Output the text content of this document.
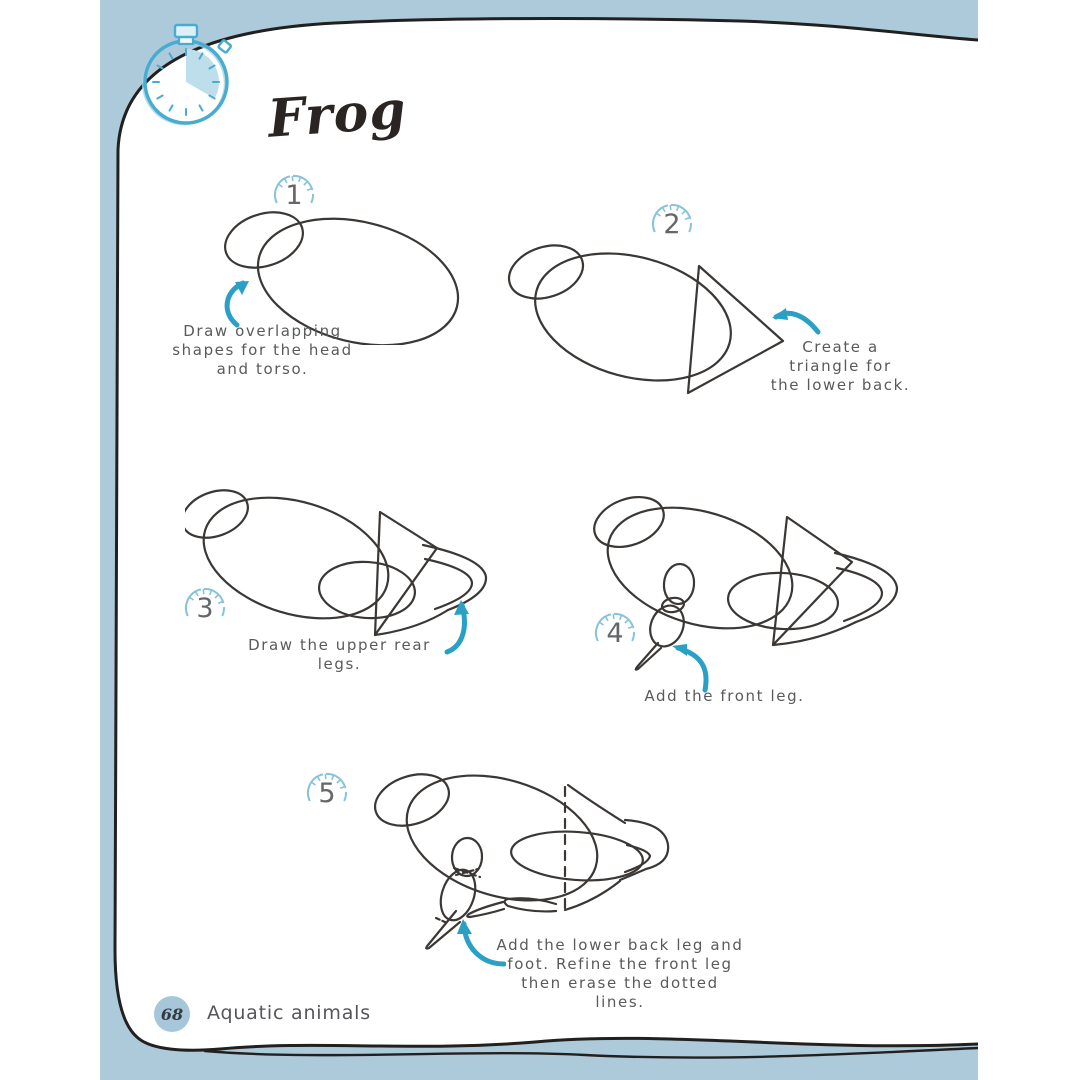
Frog
1
Draw overlapping
shapes for the head
and torso.
2
Create a
triangle for
the lower back.
3
Draw the upper rear legs.
4
Add the front leg.
5
Add the lower back leg and
foot. Refine the front leg
then erase the dotted lines.
68 Aquatic animals
